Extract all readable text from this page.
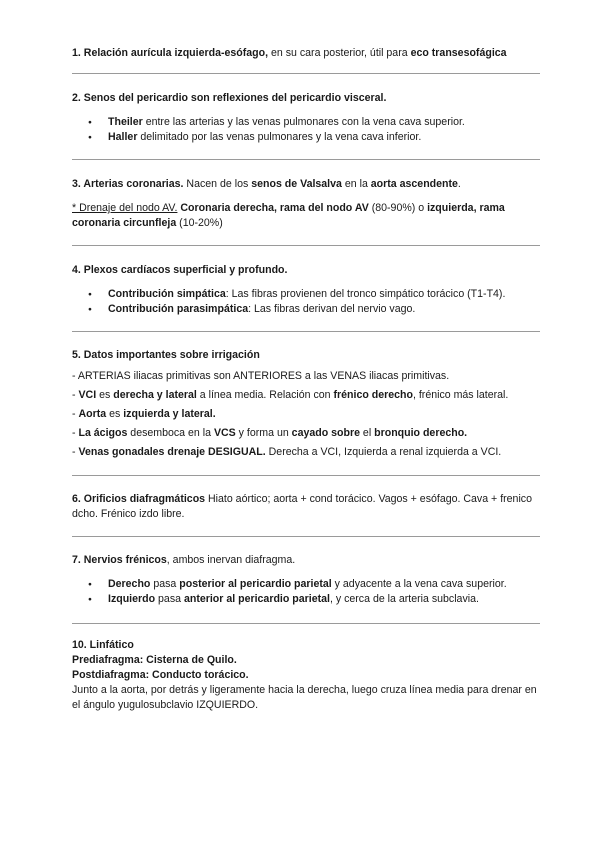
1. Relación aurícula izquierda-esófago, en su cara posterior, útil para eco transesofágica

2. Senos del pericardio son reflexiones del pericardio visceral.

● Theiler entre las arterias y las venas pulmonares con la vena cava superior.
● Haller delimitado por las venas pulmonares y la vena cava inferior.

3. Arterias coronarias. Nacen de los senos de Valsalva en la aorta ascendente.

* Drenaje del nodo AV. Coronaria derecha, rama del nodo AV (80-90%) o izquierda, rama coronaria circunfleja (10-20%)

4. Plexos cardíacos superficial y profundo.

● Contribución simpática: Las fibras provienen del tronco simpático torácico (T1-T4).
● Contribución parasimpática: Las fibras derivan del nervio vago.

5. Datos importantes sobre irrigación

- ARTERIAS iliacas primitivas son ANTERIORES a las VENAS iliacas primitivas.

- VCI es derecha y lateral a línea media. Relación con frénico derecho, frénico más lateral.

- Aorta es izquierda y lateral.

- La ácigos desemboca en la VCS y forma un cayado sobre el bronquio derecho.

- Venas gonadales drenaje DESIGUAL. Derecha a VCI, Izquierda a renal izquierda a VCI.

6. Orificios diafragmáticos Hiato aórtico; aorta + cond torácico. Vagos + esófago. Cava + frenico dcho. Frénico izdo libre.

7. Nervios frénicos, ambos inervan diafragma.

● Derecho pasa posterior al pericardio parietal y adyacente a la vena cava superior.
● Izquierdo pasa anterior al pericardio parietal, y cerca de la arteria subclavia.

10. Linfático

Prediafragma: Cisterna de Quilo.

Postdiafragma: Conducto torácico.

Junto a la aorta, por detrás y ligeramente hacia la derecha, luego cruza línea media para drenar en el ángulo yugulosubclavio IZQUIERDO.
